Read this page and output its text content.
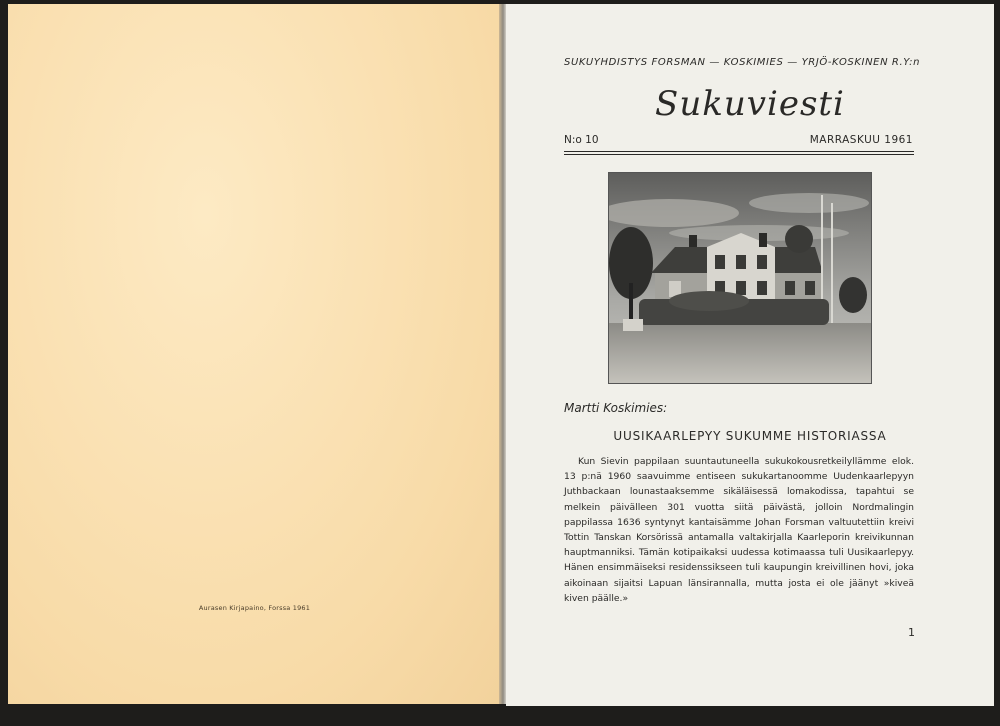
Aurasen Kirjapaino, Forssa 1961
SUKUYHDISTYS FORSMAN — KOSKIMIES — YRJÖ-KOSKINEN R.Y:n
Sukuviesti
N:o 10	MARRASKUU 1961
Martti Koskimies:
UUSIKAARLEPYY SUKUMME HISTORIASSA
Kun Sievin pappilaan suuntautuneella sukukokousretkeilyllämme elok. 13 p:nä 1960 saavuimme entiseen sukukartanoomme Uudenkaarlepyyn Juthbackaan lounastaaksemme sikäläisessä lomakodissa, tapahtui se melkein päivälleen 301 vuotta siitä päivästä, jolloin Nordmalingin pappilassa 1636 syntynyt kantaisämme Johan Forsman valtuutettiin kreivi Tottin Tanskan Korsörissä antamalla valtakirjalla Kaarleporin kreivikunnan hauptmanniksi. Tämän kotipaikaksi uudessa kotimaassa tuli Uusikaarlepyy. Hänen ensimmäiseksi residenssikseen tuli kaupungin kreivillinen hovi, joka aikoinaan sijaitsi Lapuan länsirannalla, mutta josta ei ole jäänyt »kiveä kiven päälle.»
1
